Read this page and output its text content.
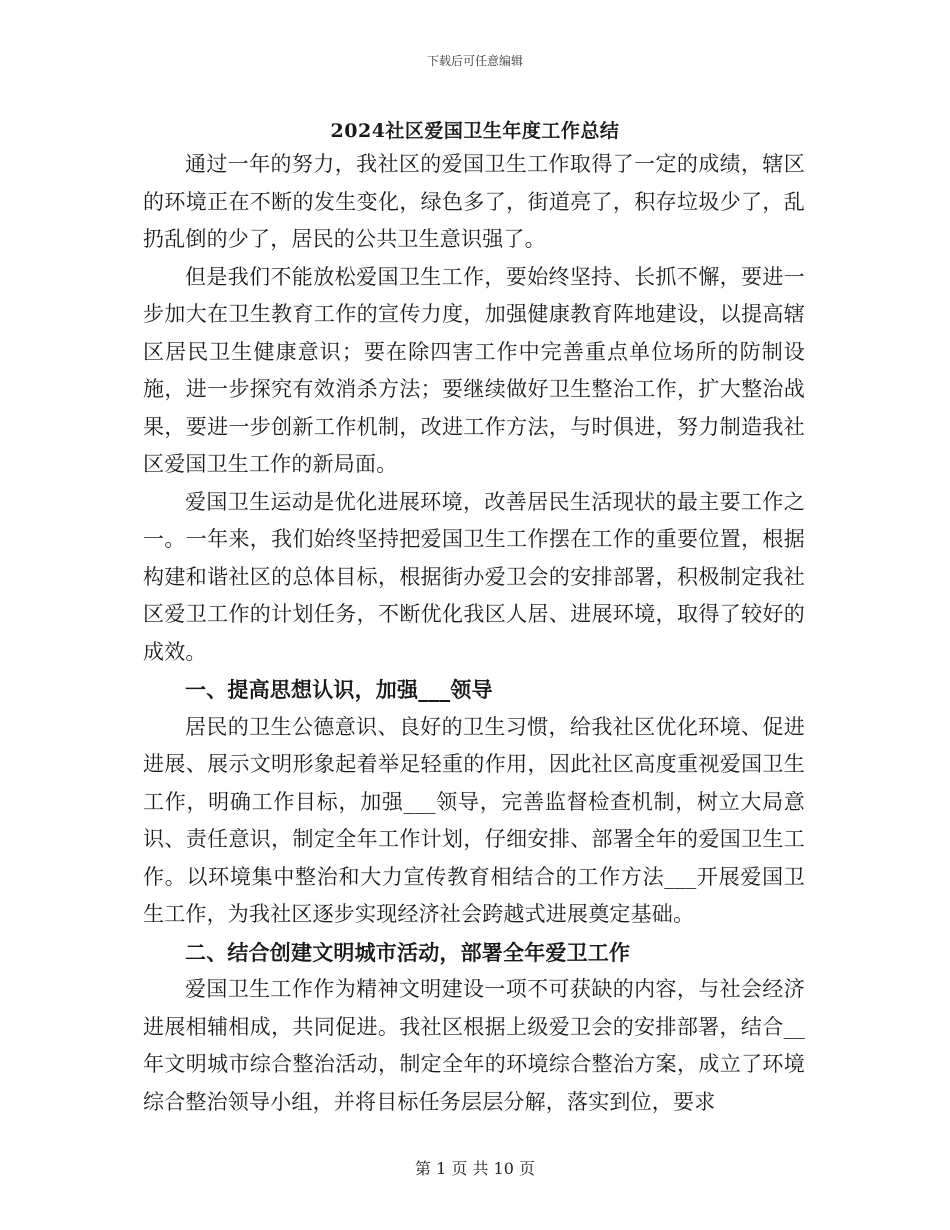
下载后可任意编辑
2024社区爱国卫生年度工作总结

通过一年的努力，我社区的爱国卫生工作取得了一定的成绩，辖区的环境正在不断的发生变化，绿色多了，街道亮了，积存垃圾少了，乱扔乱倒的少了，居民的公共卫生意识强了。

但是我们不能放松爱国卫生工作，要始终坚持、长抓不懈，要进一步加大在卫生教育工作的宣传力度，加强健康教育阵地建设，以提高辖区居民卫生健康意识；要在除四害工作中完善重点单位场所的防制设施，进一步探究有效消杀方法；要继续做好卫生整治工作，扩大整治战果，要进一步创新工作机制，改进工作方法，与时俱进，努力制造我社区爱国卫生工作的新局面。

爱国卫生运动是优化进展环境，改善居民生活现状的最主要工作之一。一年来，我们始终坚持把爱国卫生工作摆在工作的重要位置，根据构建和谐社区的总体目标，根据街办爱卫会的安排部署，积极制定我社区爱卫工作的计划任务，不断优化我区人居、进展环境，取得了较好的成效。

一、提高思想认识，加强___领导

居民的卫生公德意识、良好的卫生习惯，给我社区优化环境、促进进展、展示文明形象起着举足轻重的作用，因此社区高度重视爱国卫生工作，明确工作目标，加强___领导，完善监督检查机制，树立大局意识、责任意识，制定全年工作计划，仔细安排、部署全年的爱国卫生工作。以环境集中整治和大力宣传教育相结合的工作方法___开展爱国卫生工作，为我社区逐步实现经济社会跨越式进展奠定基础。

二、结合创建文明城市活动，部署全年爱卫工作

爱国卫生工作作为精神文明建设一项不可获缺的内容，与社会经济进展相辅相成，共同促进。我社区根据上级爱卫会的安排部署，结合__年文明城市综合整治活动，制定全年的环境综合整治方案，成立了环境综合整治领导小组，并将目标任务层层分解，落实到位，要求

第 1 页 共 10 页
